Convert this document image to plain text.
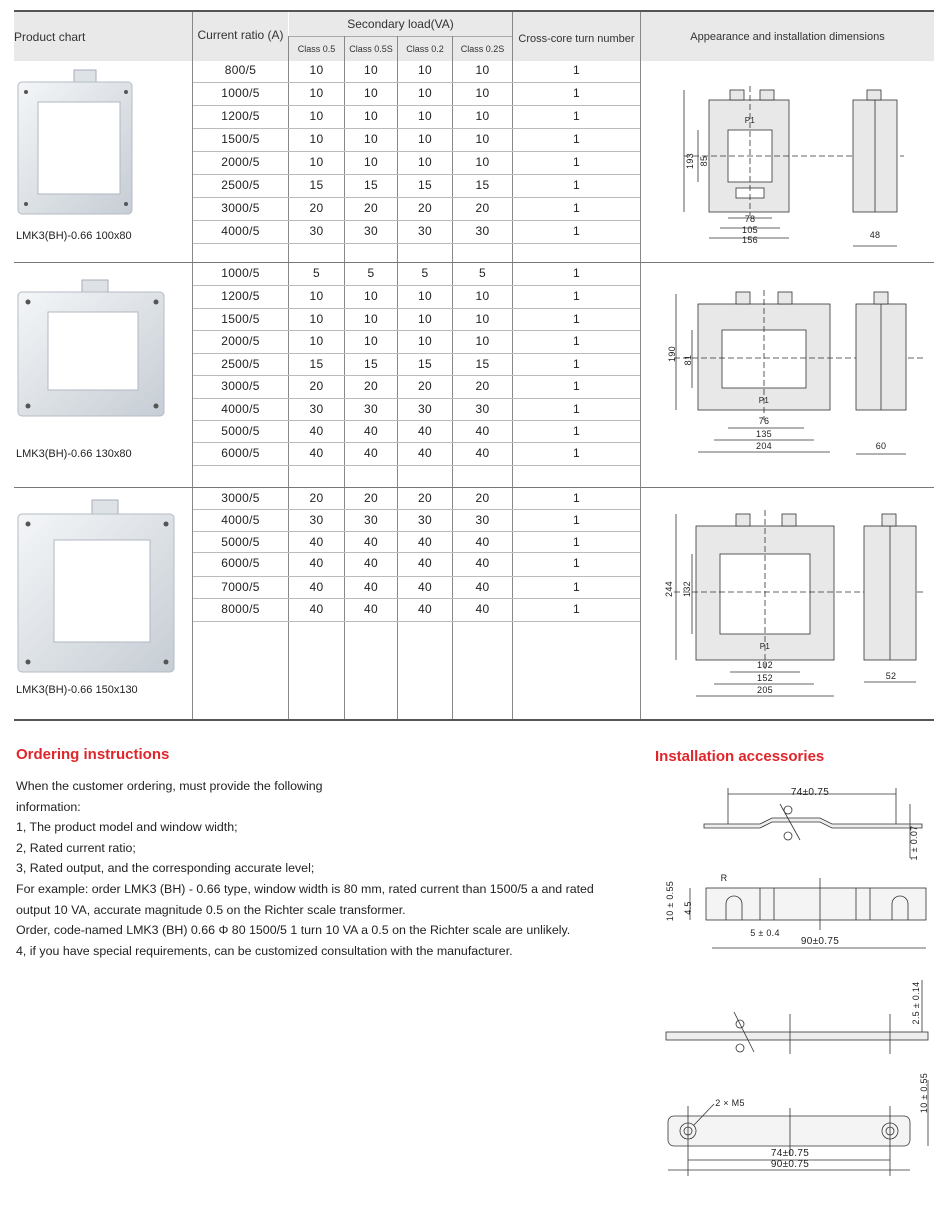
Product chart	Current ratio (A)
Secondary load(VA)
Class 0.5	Class 0.5S	Class 0.2	Class 0.2S
Cross-core turn number	Appearance and installation dimensions
800/5	10	10	10	10	1
1000/5	10	10	10	10	1
1200/5	10	10	10	10	1
1500/5	10	10	10	10	1
2000/5	10	10	10	10	1
2500/5	15	15	15	15	1
3000/5	20	20	20	20	1
4000/5	30	30	30	30	1
LMK3(BH)-0.66 100x80
193 85
78
105
156	48
P1
1000/5	5	5	5	5	1
1200/5	10	10	10	10	1
1500/5	10	10	10	10	1
2000/5	10	10	10	10	1
2500/5	15	15	15	15	1
3000/5	20	20	20	20	1
4000/5	30	30	30	30	1
5000/5	40	40	40	40	1
6000/5	40	40	40	40	1
LMK3(BH)-0.66 130x80
190 81
76
135
204	60
P1
3000/5	20	20	20	20	1
4000/5	30	30	30	30	1
5000/5	40	40	40	40	1
6000/5	40	40	40	40	1
7000/5	40	40	40	40	1
8000/5	40	40	40	40	1
LMK3(BH)-0.66 150x130
244 132
102
152
205
52
P1
Ordering instructions

When the customer ordering, must provide the following

information:

1, The product model and window width;

2, Rated current ratio;

3, Rated output, and the corresponding accurate level;

For example: order LMK3 (BH) - 0.66 type, window width is 80 mm, rated current than 1500/5 a and rated

output 10 VA, accurate magnitude 0.5 on the Richter scale transformer.

Order, code-named LMK3 (BH) 0.66 Φ 80 1500/5 1 turn 10 VA a 0.5 on the Richter scale are unlikely.

4, if you have special requirements, can be customized consultation with the manufacturer.

Installation accessories
74±0.75
1 ± 0.07
10 ± 0.55 4.5
R
5 ± 0.4
90±0.75
2.5 ± 0.14
10 ± 0.55
2 × M5
74±0.75
90±0.75
